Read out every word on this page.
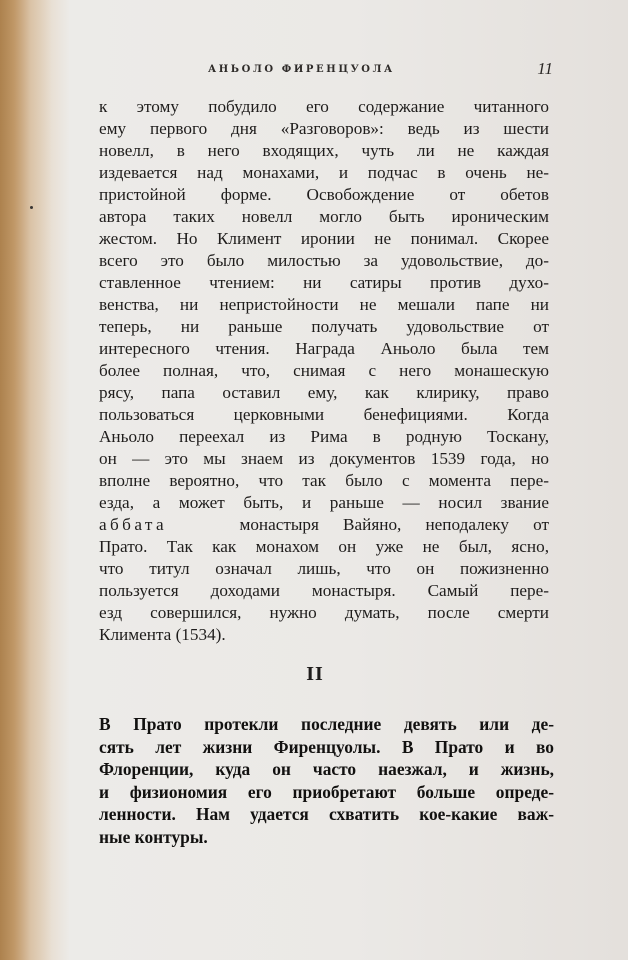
АНЬОЛО ФИРЕНЦУОЛА	11
к этому побудило его содержание читанного
ему первого дня «Разговоров»: ведь из шести
новелл, в него входящих, чуть ли не каждая
издевается над монахами, и подчас в очень не-
пристойной форме. Освобождение от обетов
автора таких новелл могло быть ироническим
жестом. Но Климент иронии не понимал. Скорее
всего это было милостью за удовольствие, до-
ставленное чтением: ни сатиры против духо-
венства, ни непристойности не мешали папе ни
теперь, ни раньше получать удовольствие от
интересного чтения. Награда Аньоло была тем
более полная, что, снимая с него монашескую
рясу, папа оставил ему, как клирику, право
пользоваться церковными бенефициями. Когда
Аньоло переехал из Рима в родную Тоскану,
он — это мы знаем из документов 1539 года, но
вполне вероятно, что так было с момента пере-
езда, а может быть, и раньше — носил звание
аббата	монастыря Вайяно, неподалеку от
Прато. Так как монахом он уже не был, ясно,
что титул означал лишь, что он пожизненно
пользуется доходами монастыря. Самый пере-
езд совершился, нужно думать, после смерти
Климента (1534).
II
В Прато протекли последние девять или де-
сять лет жизни Фиренцуолы. В Прато и во
Флоренции, куда он часто наезжал, и жизнь,
и физиономия его приобретают больше опреде-
ленности. Нам удается схватить кое-какие важ-
ные контуры.
